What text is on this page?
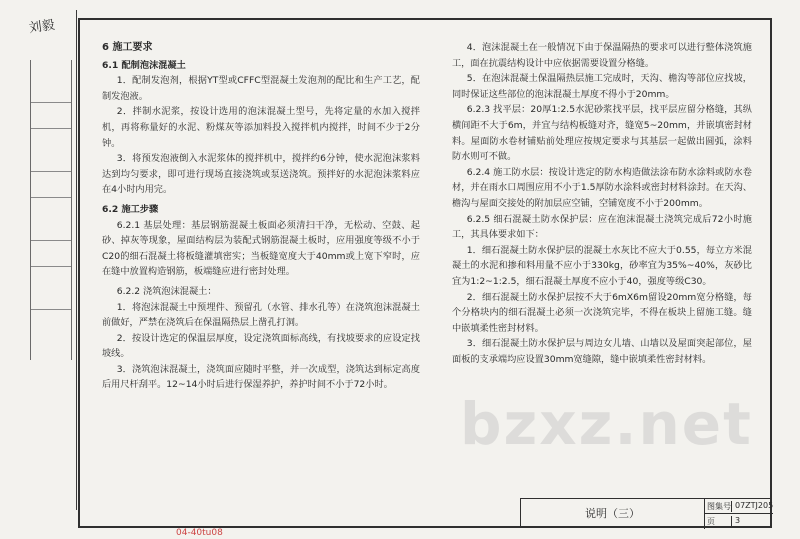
刘毅

6 施工要求

6.1 配制泡沫混凝土

1．配制发泡剂，根据YT型或CFFC型混凝土发泡剂的配比和生产工艺，配制发泡液。

2．拌制水泥浆，按设计选用的泡沫混凝土型号，先将定量的水加入搅拌机，再将称量好的水泥、粉煤灰等添加料投入搅拌机内搅拌，时间不少于2分钟。

3．将预发泡液倒入水泥浆体的搅拌机中，搅拌约6分钟，使水泥泡沫浆料达到均匀要求，即可进行现场直接浇筑或泵送浇筑。预拌好的水泥泡沫浆料应在4小时内用完。

6.2 施工步骤

6.2.1 基层处理：基层钢筋混凝土板面必须清扫干净，无松动、空鼓、起砂、掉灰等现象，屋面结构层为装配式钢筋混凝土板时，应用强度等级不小于C20的细石混凝土将板缝灌填密实；当板缝宽度大于40mm或上宽下窄时，应在缝中放置构造钢筋，板端缝应进行密封处理。

6.2.2 浇筑泡沫混凝土：

1．将泡沫混凝土中预埋件、预留孔（水管、排水孔等）在浇筑泡沫混凝土前做好，严禁在浇筑后在保温隔热层上凿孔打洞。

2．按设计选定的保温层厚度，设定浇筑面标高线，有找坡要求的应设定找坡线。

3．浇筑泡沫混凝土，浇筑面应随时平整，并一次成型，浇筑达到标定高度后用尺杆刮平。12~14小时后进行保湿养护，养护时间不小于72小时。

4．泡沫混凝土在一般情况下由于保温隔热的要求可以进行整体浇筑施工，面在抗震结构设计中应依据需要设置分格缝。

5．在泡沫混凝土保温隔热层施工完成时，天沟、檐沟等部位应找坡，同时保证这些部位的泡沫混凝土厚度不得小于20mm。

6.2.3 找平层：20厚1:2.5水泥砂浆找平层，找平层应留分格缝，其纵横间距不大于6m，并宜与结构板缝对齐，缝宽5~20mm，并嵌填密封材料。屋面防水卷材铺贴前处理应按规定要求与其基层一起做出圆弧，涂料防水则可不做。

6.2.4 施工防水层：按设计选定的防水构造做法涂布防水涂料或防水卷材，并在雨水口周围应用不小于1.5厚防水涂料或密封材料涂封。在天沟、檐沟与屋面交接处的附加层应空铺，空铺宽度不小于200mm。

6.2.5 细石混凝土防水保护层：应在泡沫混凝土浇筑完成后72小时施工，其具体要求如下：

1．细石混凝土防水保护层的混凝土水灰比不应大于0.55，每立方米混凝土的水泥和掺和料用量不应小于330kg，砂率宜为35%~40%，灰砂比宜为1:2~1:2.5，细石混凝土厚度不应小于40，强度等级C30。

2．细石混凝土防水保护层按不大于6mX6m留设20mm宽分格缝，每个分格块内的细石混凝土必须一次浇筑完毕，不得在板块上留施工缝。缝中嵌填柔性密封材料。

3．细石混凝土防水保护层与周边女儿墙、山墙以及屋面突起部位，屋面板的支承端均应设置30mm宽缝隙，缝中嵌填柔性密封材料。

bzxz.net
说明（三）
图集号 07ZTJ205
页	3
04-40tu08
